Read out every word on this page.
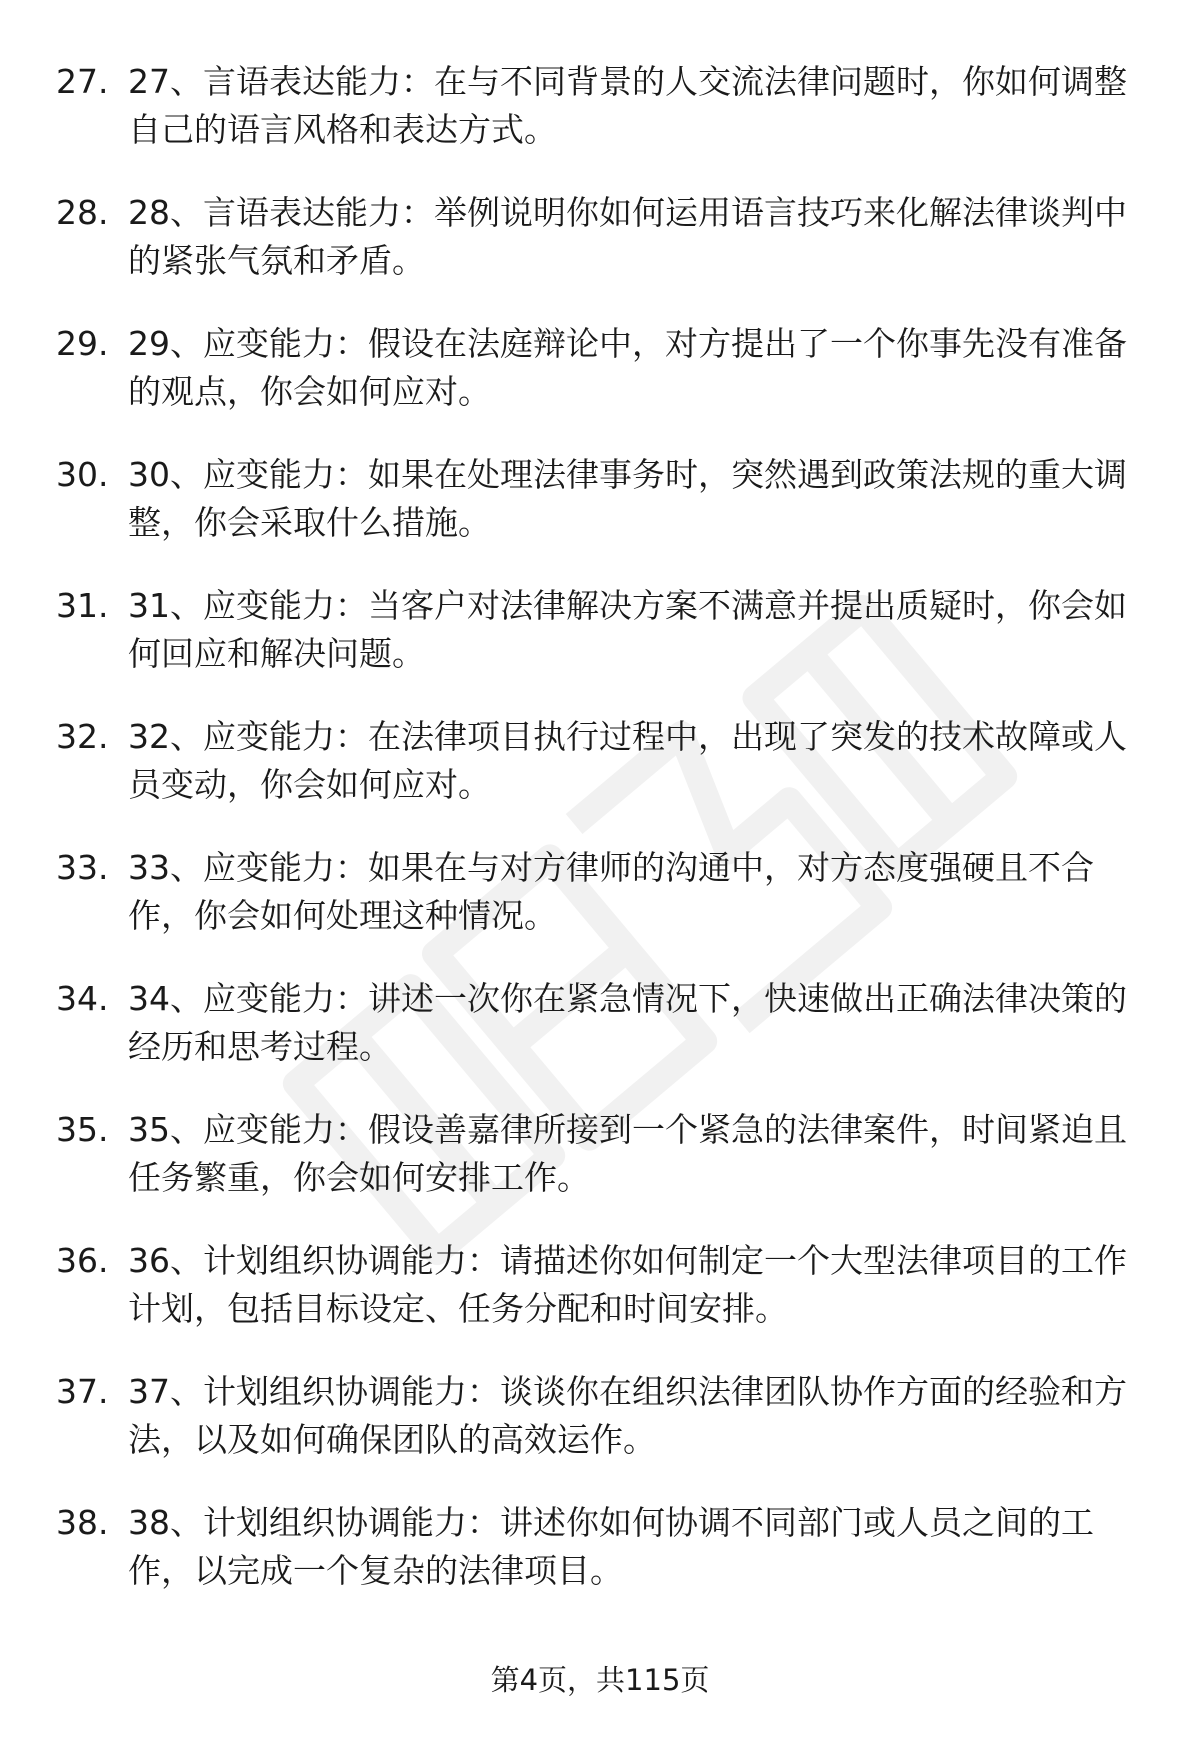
27. 27、言语表达能力：在与不同背景的人交流法律问题时，你如何调整自己的语言风格和表达方式。

28. 28、言语表达能力：举例说明你如何运用语言技巧来化解法律谈判中的紧张气氛和矛盾。

29. 29、应变能力：假设在法庭辩论中，对方提出了一个你事先没有准备的观点，你会如何应对。

30. 30、应变能力：如果在处理法律事务时，突然遇到政策法规的重大调整，你会采取什么措施。

31. 31、应变能力：当客户对法律解决方案不满意并提出质疑时，你会如何回应和解决问题。

32. 32、应变能力：在法律项目执行过程中，出现了突发的技术故障或人员变动，你会如何应对。

33. 33、应变能力：如果在与对方律师的沟通中，对方态度强硬且不合作，你会如何处理这种情况。

34. 34、应变能力：讲述一次你在紧急情况下，快速做出正确法律决策的经历和思考过程。

35. 35、应变能力：假设善嘉律所接到一个紧急的法律案件，时间紧迫且任务繁重，你会如何安排工作。

36. 36、计划组织协调能力：请描述你如何制定一个大型法律项目的工作计划，包括目标设定、任务分配和时间安排。

37. 37、计划组织协调能力：谈谈你在组织法律团队协作方面的经验和方法，以及如何确保团队的高效运作。

38. 38、计划组织协调能力：讲述你如何协调不同部门或人员之间的工作，以完成一个复杂的法律项目。

第4页，共115页
